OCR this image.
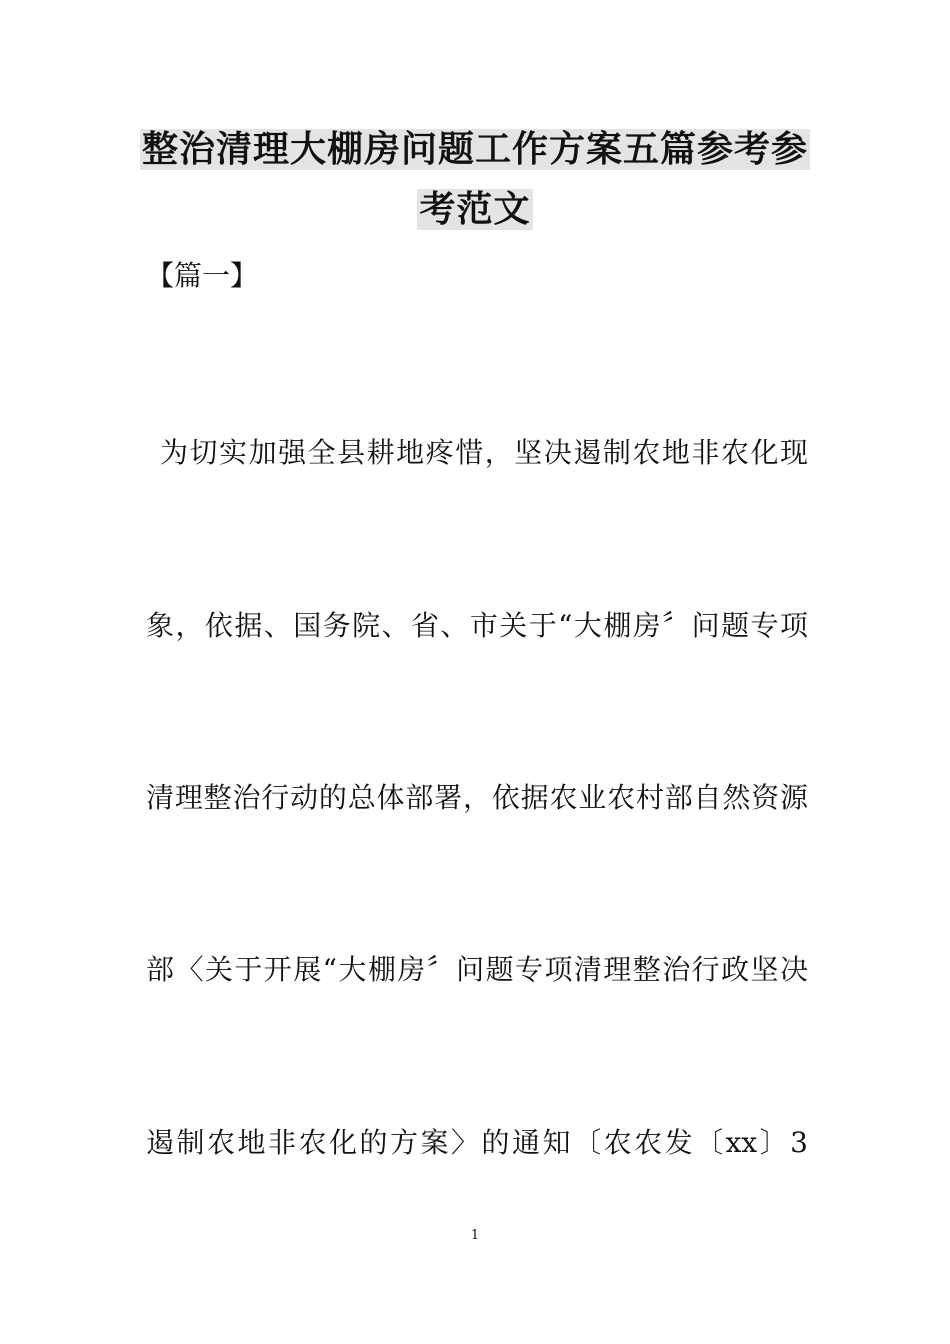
整治清理大棚房问题工作方案五篇参考参
考范文
【篇一】
为切实加强全县耕地疼惜，坚决遏制农地非农化现
象，依据、国务院、省、市关于“大棚房〞问题专项
清理整治行动的总体部署，依据农业农村部自然资源
部〈关于开展“大棚房〞问题专项清理整治行政坚决
遏制农地非农化的方案〉的通知〔农农发〔xx〕3
1
